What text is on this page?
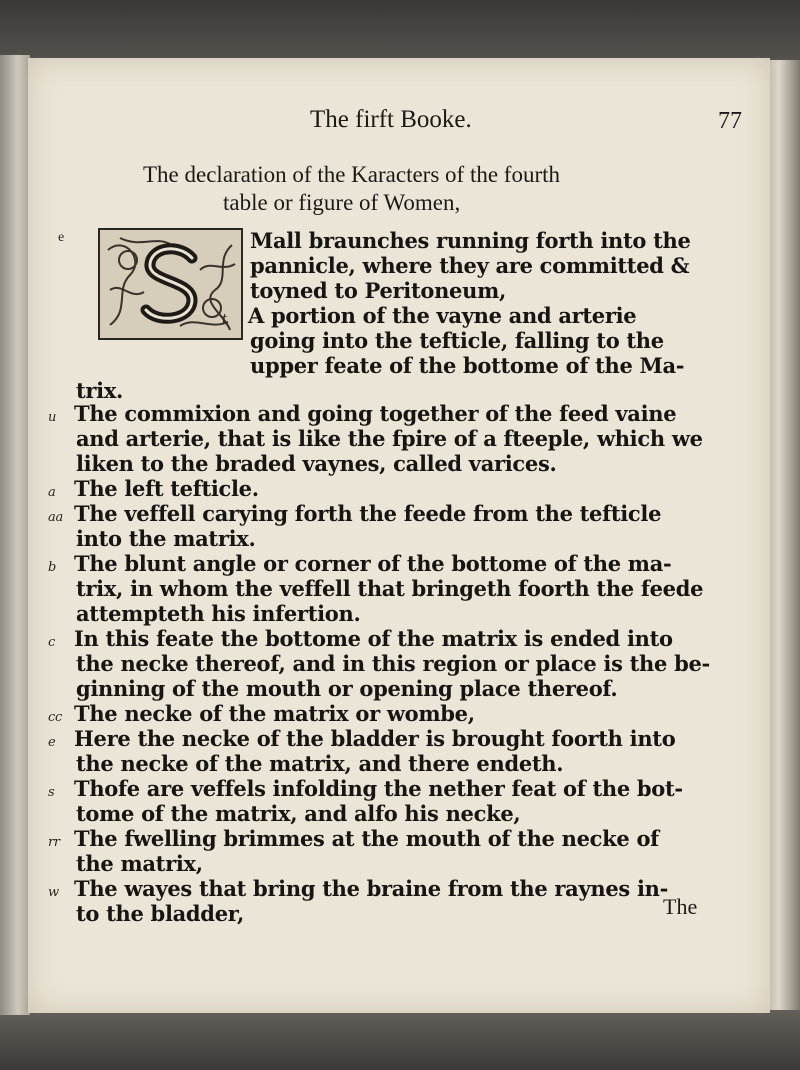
The firft Booke.	77
The declaration of the Karacters of the fourth
table or figure of Women,
e	Mall braunches running forth into the
pannicle, where they are committed &
toyned to Peritoneum,
t A portion of the vayne and arterie
going into the tefticle, falling to the
upper feate of the bottome of the Ma-
trix.
u The commixion and going together of the feed vaine
and arterie, that is like the fpire of a fteeple, which we
liken to the braded vaynes, called varices.
a The left tefticle.
aa The veffell carying forth the feede from the tefticle
into the matrix.
b The blunt angle or corner of the bottome of the ma-
trix, in whom the veffell that bringeth foorth the feede
attempteth his infertion.
c In this feate the bottome of the matrix is ended into
the necke thereof, and in this region or place is the be-
ginning of the mouth or opening place thereof.
cc The necke of the matrix or wombe,
e Here the necke of the bladder is brought foorth into
the necke of the matrix, and there endeth.
s Thofe are veffels infolding the nether feat of the bot-
tome of the matrix, and alfo his necke,
rr The fwelling brimmes at the mouth of the necke of
the matrix,
w The wayes that bring the braine from the raynes in-
to the bladder,	The
